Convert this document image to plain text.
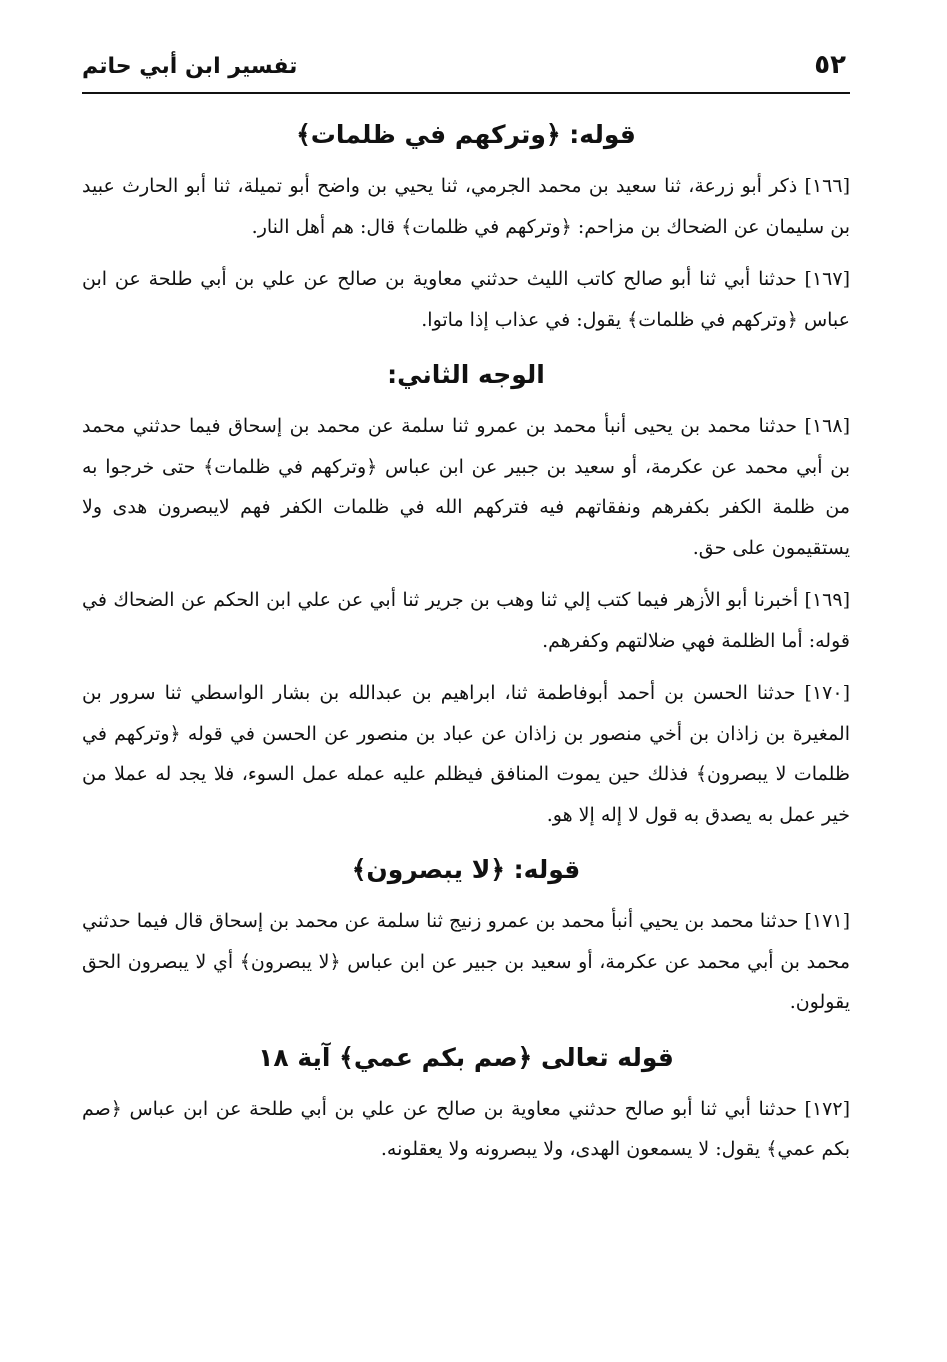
٥٢
تفسير ابن أبي حاتم
قوله: ﴿وتركهم في ظلمات﴾

[١٦٦] ذكر أبو زرعة، ثنا سعيد بن محمد الجرمي، ثنا يحيي بن واضح أبو تميلة، ثنا أبو الحارث عبيد بن سليمان عن الضحاك بن مزاحم: ﴿وتركهم في ظلمات﴾ قال: هم أهل النار.

[١٦٧] حدثنا أبي ثنا أبو صالح كاتب الليث حدثني معاوية بن صالح عن علي بن أبي طلحة عن ابن عباس ﴿وتركهم في ظلمات﴾ يقول: في عذاب إذا ماتوا.

الوجه الثاني:

[١٦٨] حدثنا محمد بن يحيى أنبأ محمد بن عمرو ثنا سلمة عن محمد بن إسحاق فيما حدثني محمد بن أبي محمد عن عكرمة، أو سعيد بن جبير عن ابن عباس ﴿وتركهم في ظلمات﴾ حتى خرجوا به من ظلمة الكفر بكفرهم ونفقاتهم فيه فتركهم الله في ظلمات الكفر فهم لايبصرون هدى ولا يستقيمون على حق.

[١٦٩] أخبرنا أبو الأزهر فيما كتب إلي ثنا وهب بن جرير ثنا أبي عن علي ابن الحكم عن الضحاك في قوله: أما الظلمة فهي ضلالتهم وكفرهم.

[١٧٠] حدثنا الحسن بن أحمد أبوفاطمة ثنا، ابراهيم بن عبدالله بن بشار الواسطي ثنا سرور بن المغيرة بن زاذان بن أخي منصور بن زاذان عن عباد بن منصور عن الحسن في قوله ﴿وتركهم في ظلمات لا يبصرون﴾ فذلك حين يموت المنافق فيظلم عليه عمله عمل السوء، فلا يجد له عملا من خير عمل به يصدق به قول لا إله إلا هو.

قوله: ﴿لا يبصرون﴾

[١٧١] حدثنا محمد بن يحيي أنبأ محمد بن عمرو زنيج ثنا سلمة عن محمد بن إسحاق قال فيما حدثني محمد بن أبي محمد عن عكرمة، أو سعيد بن جبير عن ابن عباس ﴿لا يبصرون﴾ أي لا يبصرون الحق يقولون.

قوله تعالى ﴿صم بكم عمي﴾ آية ١٨

[١٧٢] حدثنا أبي ثنا أبو صالح حدثني معاوية بن صالح عن علي بن أبي طلحة عن ابن عباس ﴿صم بكم عمي﴾ يقول: لا يسمعون الهدى، ولا يبصرونه ولا يعقلونه.
